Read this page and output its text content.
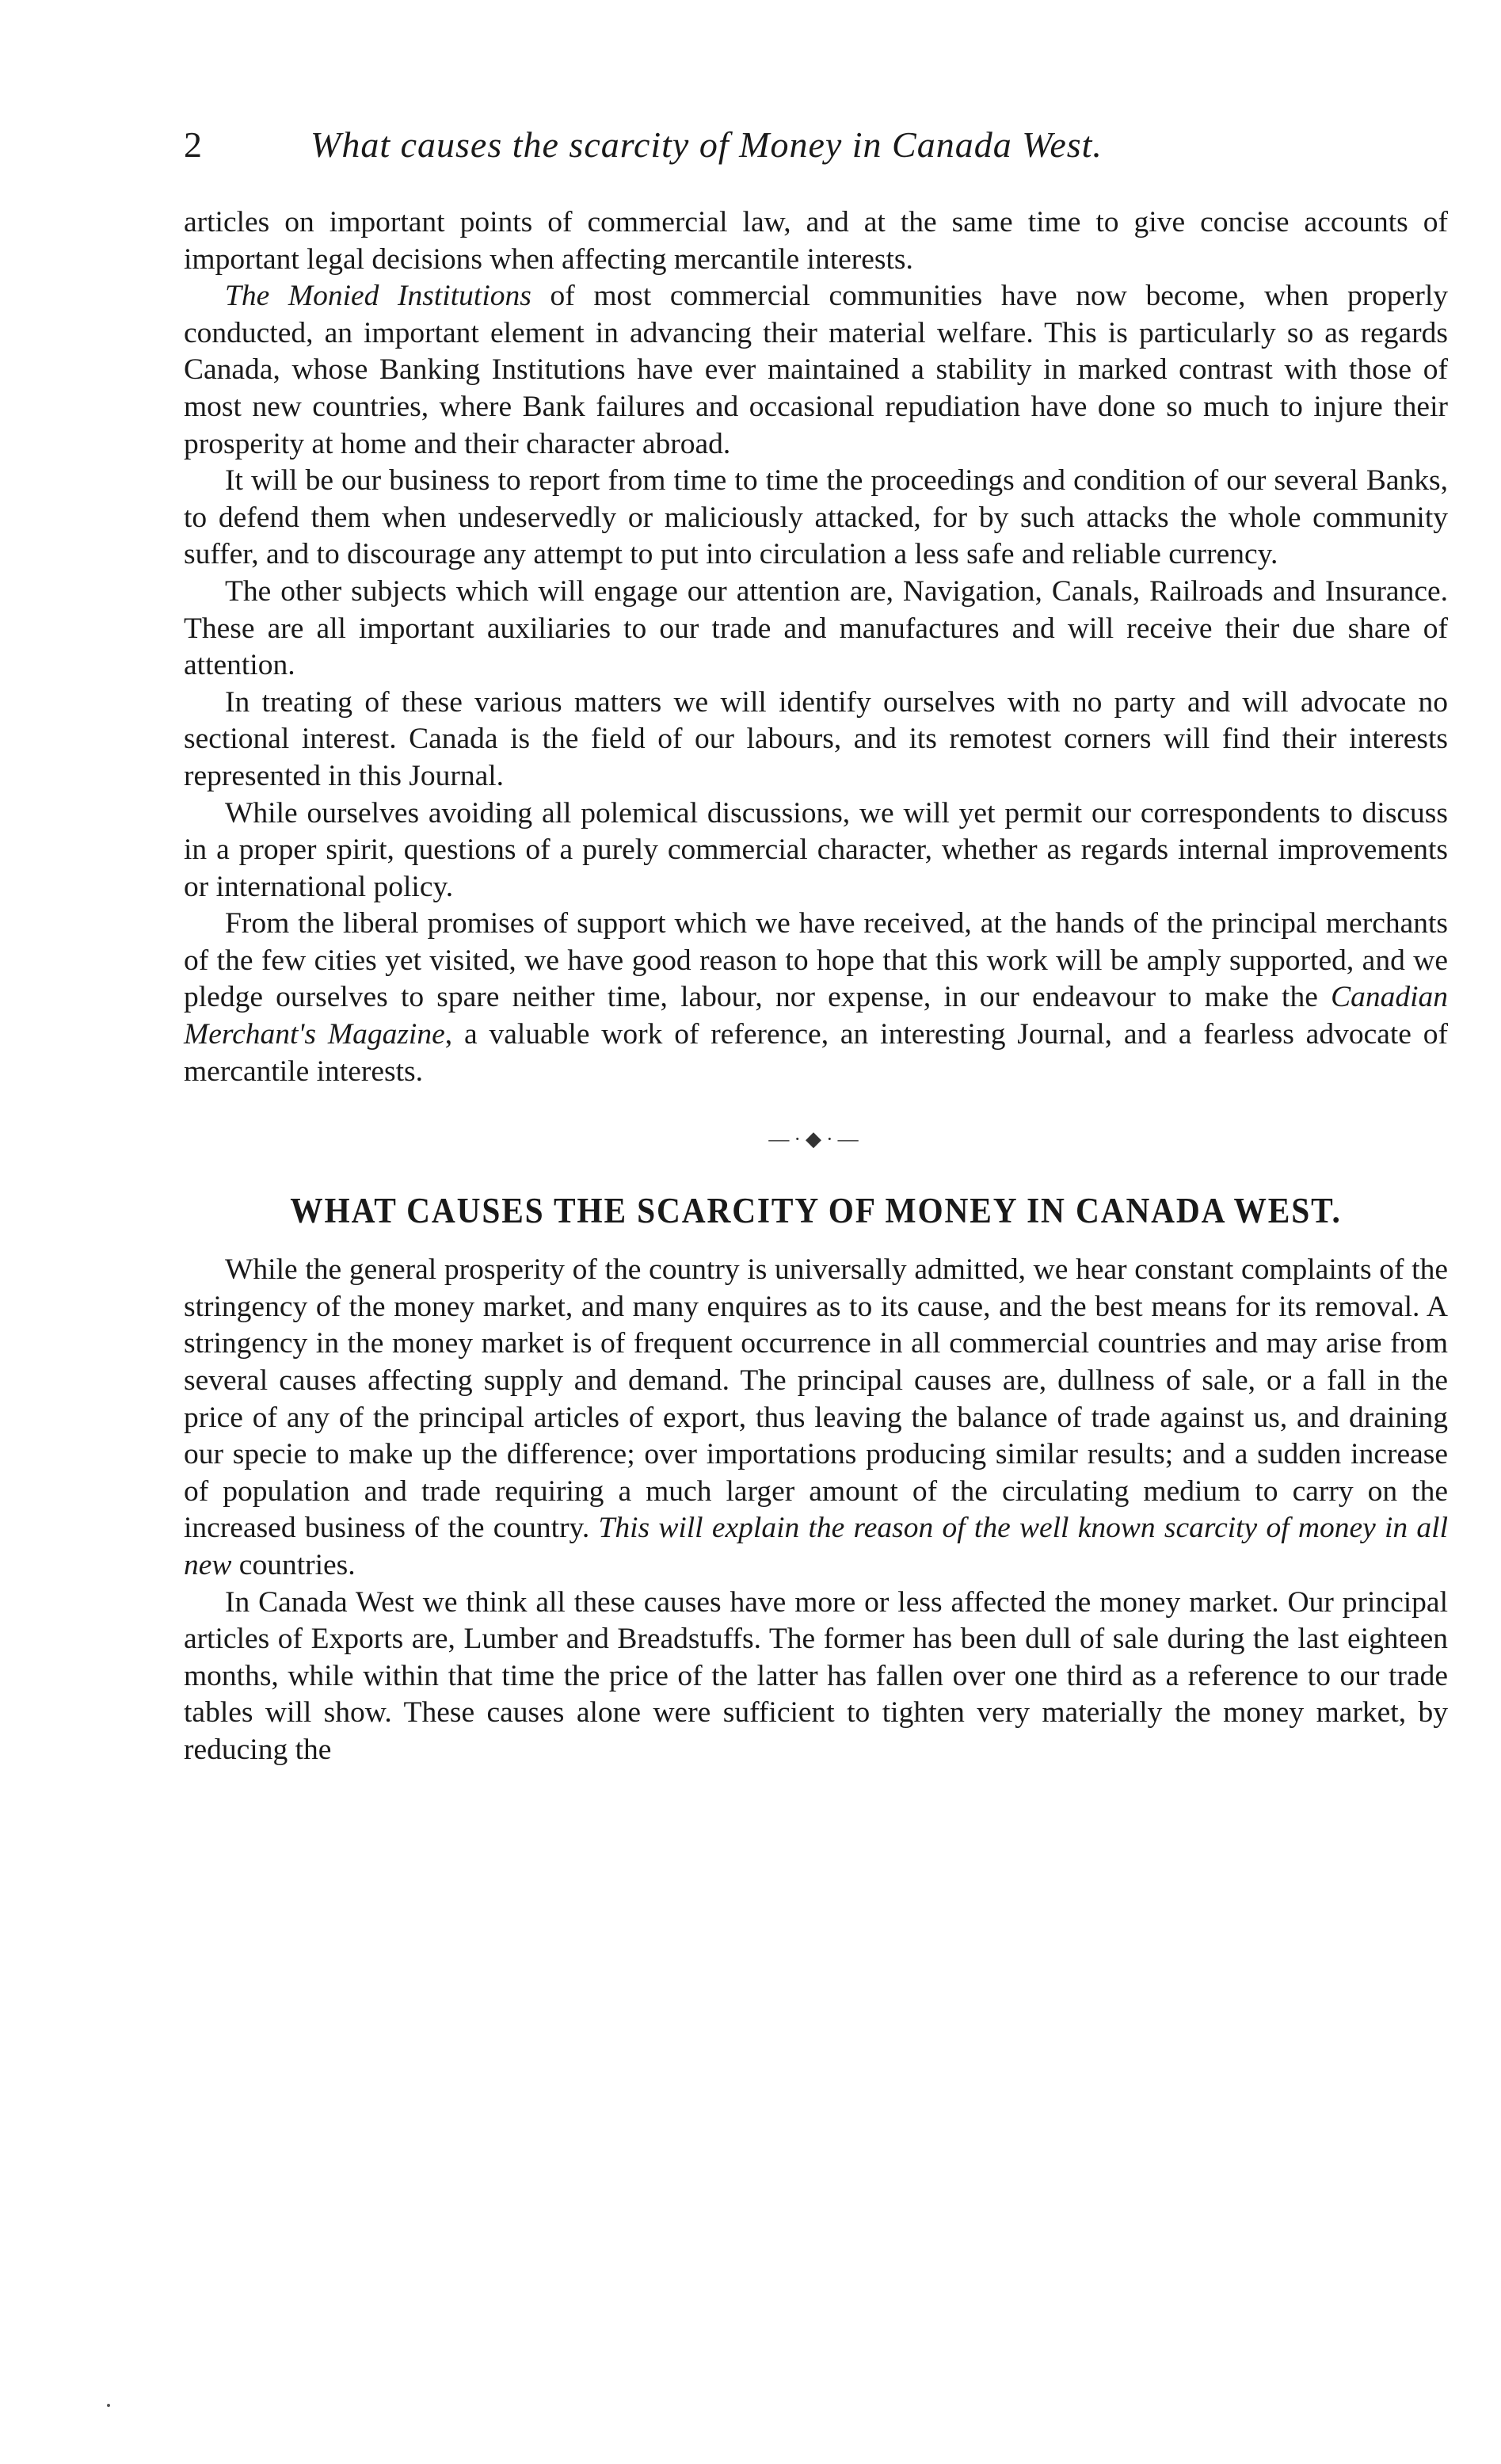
2	What causes the scarcity of Money in Canada West.

articles on important points of commercial law, and at the same time to give concise accounts of important legal decisions when affecting mercantile interests.

The Monied Institutions of most commercial communities have now become, when properly conducted, an important element in advancing their material welfare. This is particularly so as regards Canada, whose Banking Institutions have ever maintained a stability in marked contrast with those of most new countries, where Bank failures and occasional repudiation have done so much to injure their prosperity at home and their character abroad.

It will be our business to report from time to time the proceedings and condition of our several Banks, to defend them when undeservedly or maliciously attacked, for by such attacks the whole community suffer, and to discourage any attempt to put into circulation a less safe and reliable currency.

The other subjects which will engage our attention are, Navigation, Canals, Railroads and Insurance. These are all important auxiliaries to our trade and manufactures and will receive their due share of attention.

In treating of these various matters we will identify ourselves with no party and will advocate no sectional interest. Canada is the field of our labours, and its remotest corners will find their interests represented in this Journal.

While ourselves avoiding all polemical discussions, we will yet permit our correspondents to discuss in a proper spirit, questions of a purely commercial character, whether as regards internal improvements or international policy.

From the liberal promises of support which we have received, at the hands of the principal merchants of the few cities yet visited, we have good reason to hope that this work will be amply supported, and we pledge ourselves to spare neither time, labour, nor expense, in our endeavour to make the Canadian Merchant's Magazine, a valuable work of reference, an interesting Journal, and a fearless advocate of mercantile interests.

—·◆·—
WHAT CAUSES THE SCARCITY OF MONEY IN CANADA WEST.

While the general prosperity of the country is universally admitted, we hear constant complaints of the stringency of the money market, and many enquires as to its cause, and the best means for its removal. A stringency in the money market is of frequent occurrence in all commercial countries and may arise from several causes affecting supply and demand. The principal causes are, dullness of sale, or a fall in the price of any of the principal articles of export, thus leaving the balance of trade against us, and draining our specie to make up the difference; over importations producing similar results; and a sudden increase of population and trade requiring a much larger amount of the circulating medium to carry on the increased business of the country. This will explain the reason of the well known scarcity of money in all new countries.

In Canada West we think all these causes have more or less affected the money market. Our principal articles of Exports are, Lumber and Breadstuffs. The former has been dull of sale during the last eighteen months, while within that time the price of the latter has fallen over one third as a reference to our trade tables will show. These causes alone were sufficient to tighten very materially the money market, by reducing the
